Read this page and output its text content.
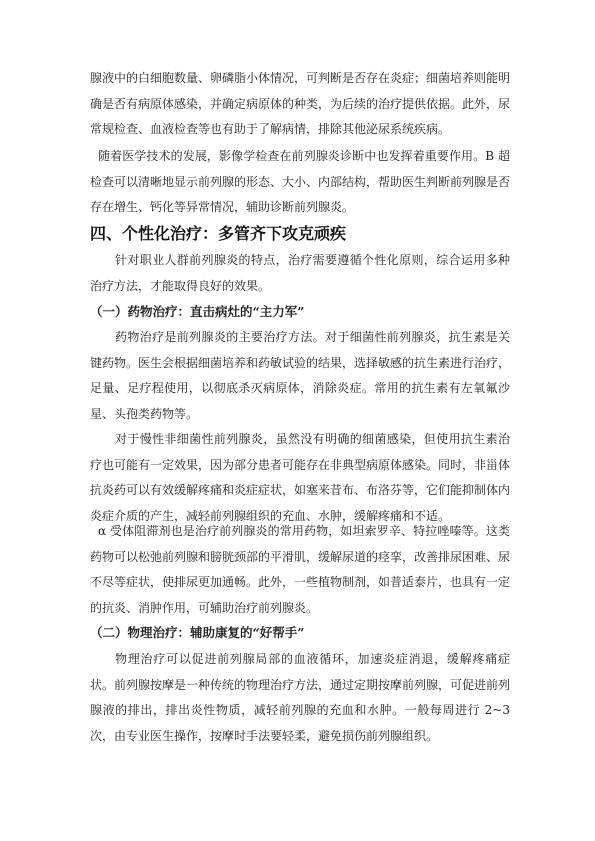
腺液中的白细胞数量、卵磷脂小体情况，可判断是否存在炎症；细菌培养则能明确是否有病原体感染，并确定病原体的种类，为后续的治疗提供依据。此外，尿常规检查、血液检查等也有助于了解病情，排除其他泌尿系统疾病。

随着医学技术的发展，影像学检查在前列腺炎诊断中也发挥着重要作用。B 超检查可以清晰地显示前列腺的形态、大小、内部结构，帮助医生判断前列腺是否存在增生、钙化等异常情况，辅助诊断前列腺炎。

四、个性化治疗：多管齐下攻克顽疾

针对职业人群前列腺炎的特点，治疗需要遵循个性化原则，综合运用多种治疗方法，才能取得良好的效果。

（一）药物治疗：直击病灶的“主力军”

药物治疗是前列腺炎的主要治疗方法。对于细菌性前列腺炎，抗生素是关键药物。医生会根据细菌培养和药敏试验的结果，选择敏感的抗生素进行治疗，足量、足疗程使用，以彻底杀灭病原体，消除炎症。常用的抗生素有左氧氟沙星、头孢类药物等。

对于慢性非细菌性前列腺炎，虽然没有明确的细菌感染，但使用抗生素治疗也可能有一定效果，因为部分患者可能存在非典型病原体感染。同时，非甾体抗炎药可以有效缓解疼痛和炎症症状，如塞来昔布、布洛芬等，它们能抑制体内炎症介质的产生，减轻前列腺组织的充血、水肿，缓解疼痛和不适。

α 受体阻滞剂也是治疗前列腺炎的常用药物，如坦索罗辛、特拉唑嗪等。这类药物可以松弛前列腺和膀胱颈部的平滑肌，缓解尿道的痉挛，改善排尿困难、尿不尽等症状，使排尿更加通畅。此外，一些植物制剂，如普适泰片，也具有一定的抗炎、消肿作用，可辅助治疗前列腺炎。

（二）物理治疗：辅助康复的“好帮手”

物理治疗可以促进前列腺局部的血液循环，加速炎症消退，缓解疼痛症状。前列腺按摩是一种传统的物理治疗方法，通过定期按摩前列腺，可促进前列腺液的排出，排出炎性物质，减轻前列腺的充血和水肿。一般每周进行 2~3 次，由专业医生操作，按摩时手法要轻柔，避免损伤前列腺组织。
